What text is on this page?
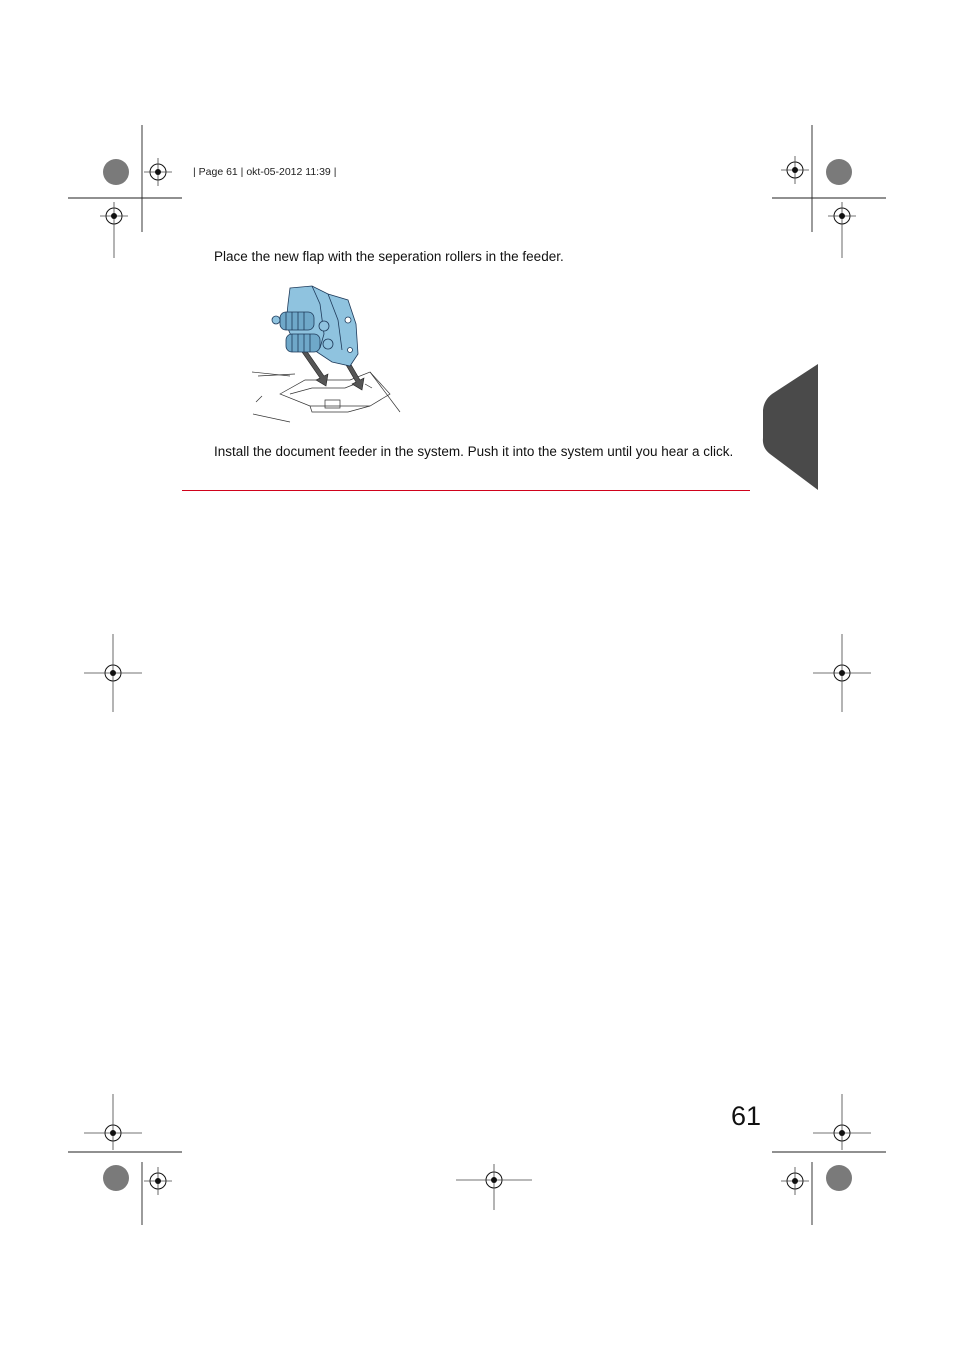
| Page 61 | okt-05-2012 11:39 |
Place the new flap with the seperation rollers in the feeder.
Install the document feeder in the system. Push it into the system until you hear a click.
61
